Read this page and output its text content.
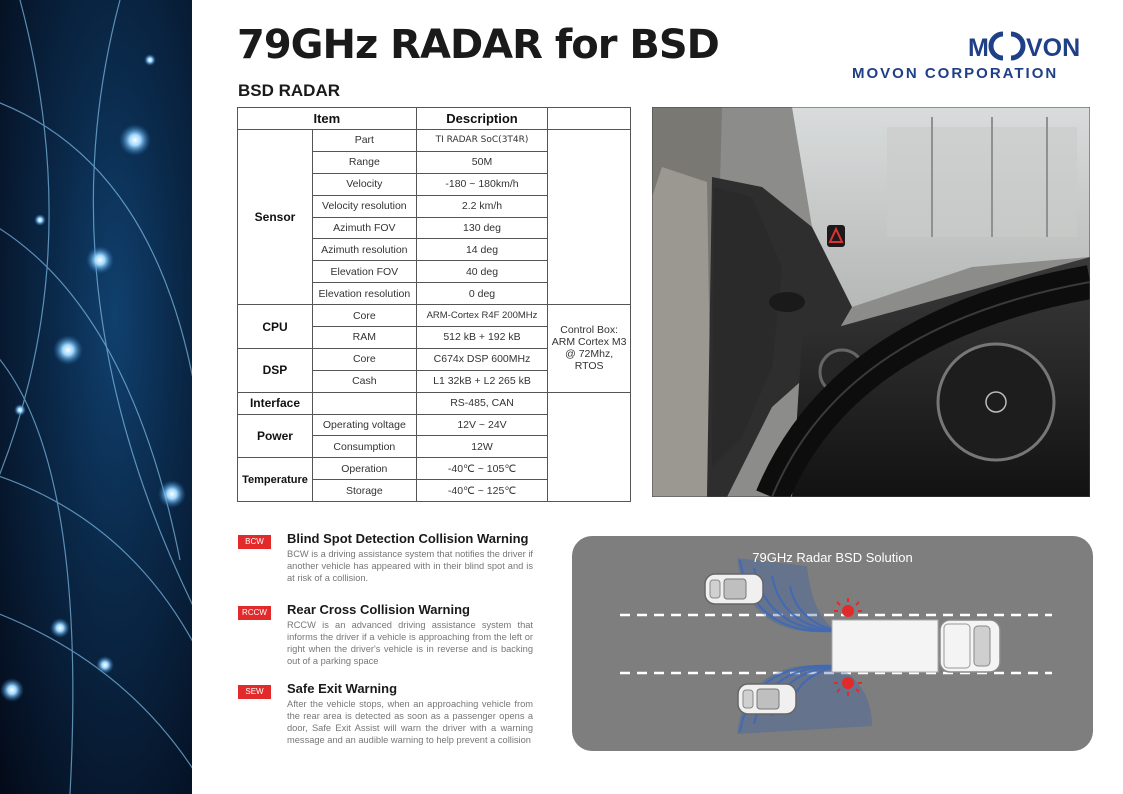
79GHz RADAR for BSD
BSD RADAR
M VON
MOVON CORPORATION
Item		Description	
Sensor	Part	TI RADAR SoC(3T4R)	
	Range	50M	
	Velocity	-180 ~ 180km/h	
	Velocity resolution	2.2 km/h	
	Azimuth FOV	130 deg	
	Azimuth resolution	14 deg	
	Elevation FOV	40 deg	
	Elevation resolution	0 deg	
CPU	Core	ARM-Cortex R4F 200MHz	Control Box: ARM Cortex M3 @ 72Mhz, RTOS
	RAM	512 kB + 192 kB	
DSP	Core	C674x DSP 600MHz	
	Cash	L1 32kB + L2 265 kB	
Interface		RS-485, CAN	
Power	Operating voltage	12V ~ 24V	
	Consumption	12W	
Temperature	Operation	-40℃ ~ 105℃	
	Storage	-40℃ ~ 125℃	
BCW	Blind Spot Detection Collision Warning
BCW is a driving assistance system that notifies the driver if another vehicle has appeared with in their blind spot and is at risk of a collision.
RCCW	Rear Cross Collision Warning
RCCW is an advanced driving assistance system that informs the driver if a vehicle is approaching from the left or right when the driver's vehicle is in reverse and is backing out of a parking space
SEW	Safe Exit Warning
After the vehicle stops, when an approaching vehicle from the rear area is detected as soon as a passenger opens a door, Safe Exit Assist will warn the driver with a warning message and an audible warning to help prevent a collision
79GHz Radar BSD Solution
